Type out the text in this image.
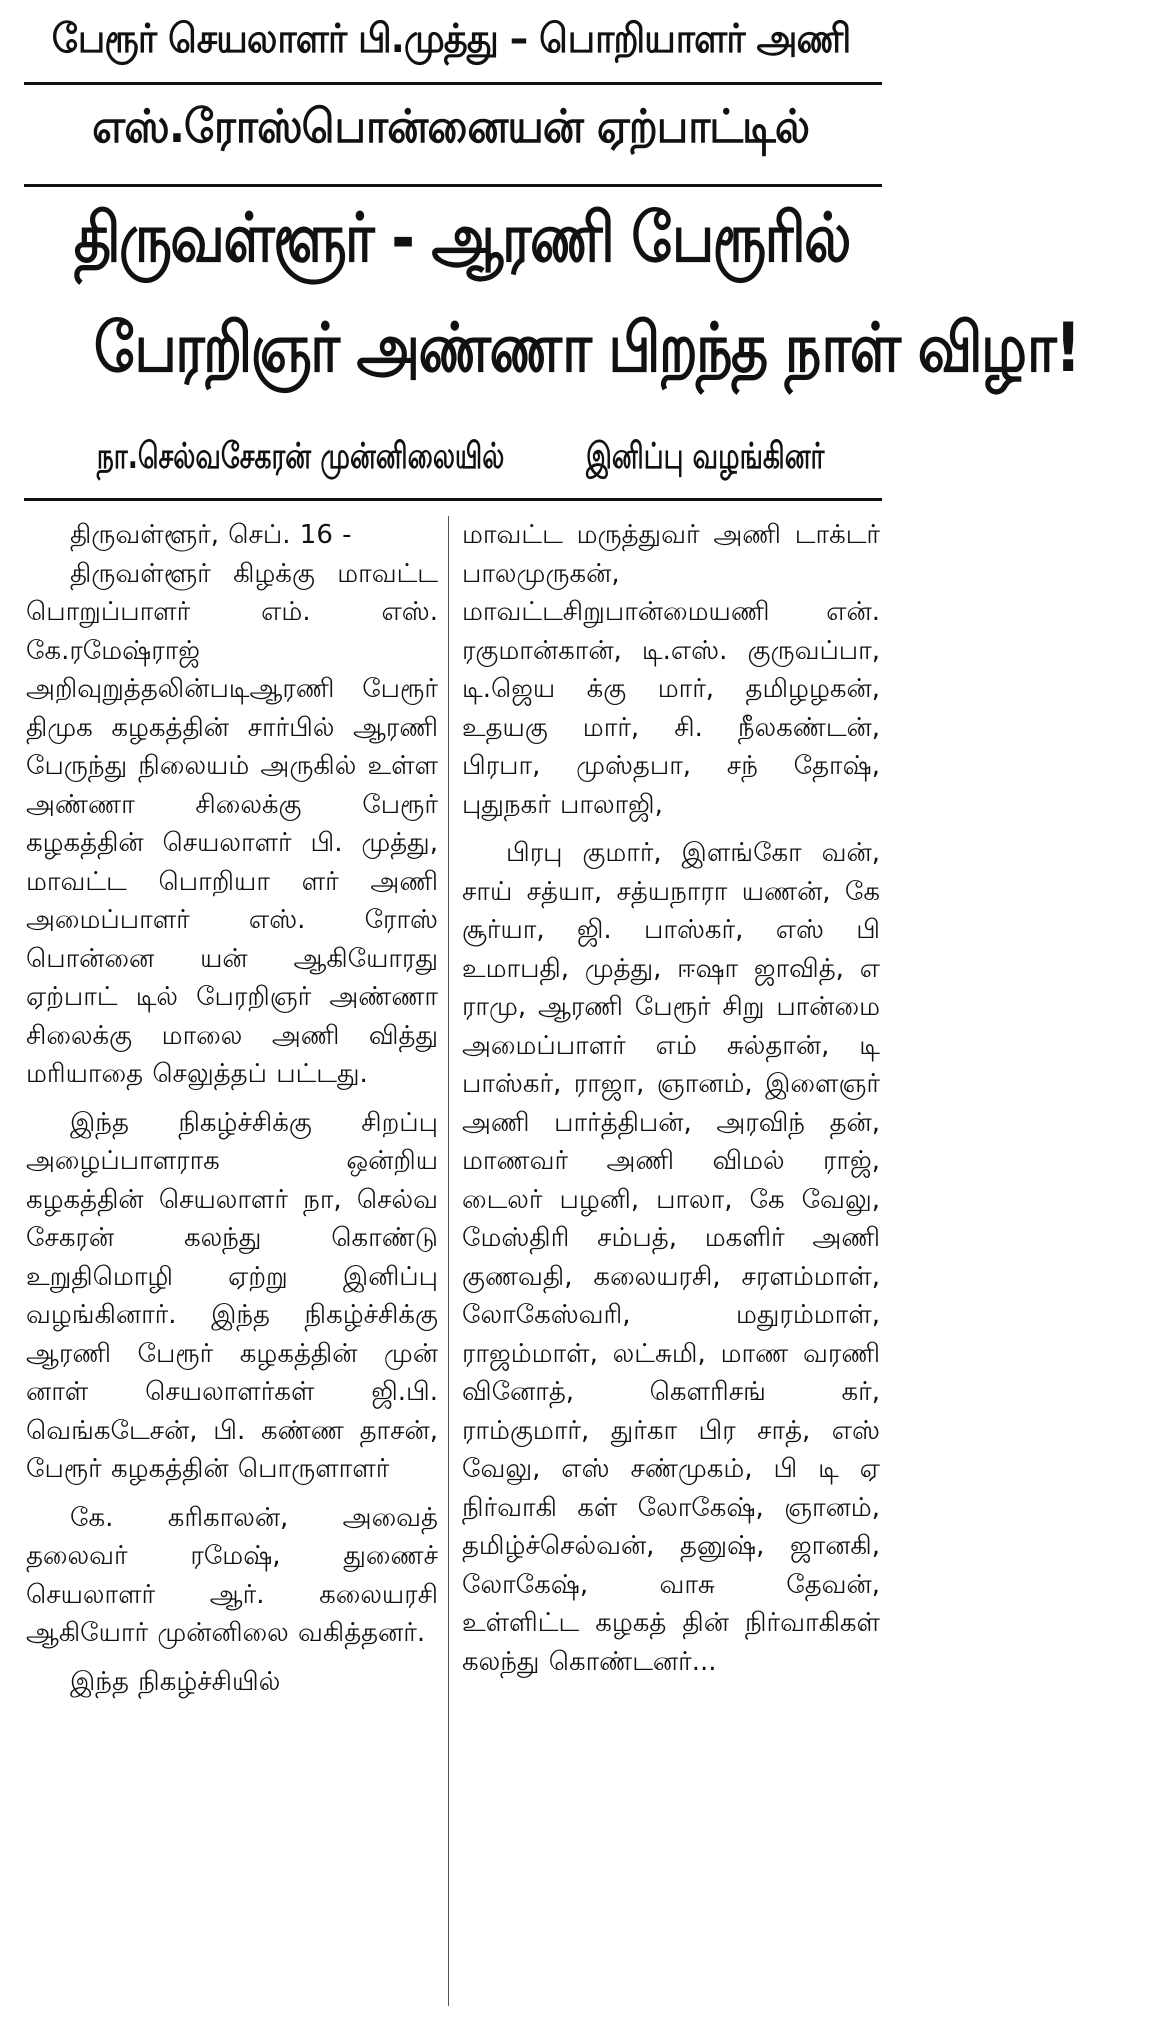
பேரூர் செயலாளர் பி.முத்து – பொறியாளர் அணி
எஸ்.ரோஸ்பொன்னையன் ஏற்பாட்டில்
திருவள்ளூர் - ஆரணி பேரூரில்
பேரறிஞர் அண்ணா பிறந்த நாள் விழா!
நா.செல்வசேகரன் முன்னிலையில் இனிப்பு வழங்கினர்

திருவள்ளூர், செப். 16 -

திருவள்ளூர் கிழக்கு மாவட்ட பொறுப்பாளர் எம். எஸ். கே.ரமேஷ்ராஜ் அறிவுறுத்தலின்படிஆரணி பேரூர் திமுக கழகத்தின் சார்பில் ஆரணி பேருந்து நிலையம் அருகில் உள்ள அண்ணா சிலைக்கு பேரூர் கழகத்தின் செயலாளர் பி. முத்து, மாவட்ட பொறியா ளர் அணி அமைப்பாளர் எஸ். ரோஸ் பொன்னை யன் ஆகியோரது ஏற்பாட் டில் பேரறிஞர் அண்ணா சிலைக்கு மாலை அணி வித்து மரியாதை செலுத்தப் பட்டது.

இந்த நிகழ்ச்சிக்கு சிறப்பு அழைப்பாளராக ஒன்றிய கழகத்தின் செயலாளர் நா, செல்வ சேகரன் கலந்து கொண்டு உறுதிமொழி ஏற்று இனிப்பு வழங்கினார். இந்த நிகழ்ச்சிக்கு ஆரணி பேரூர் கழகத்தின் முன் னாள் செயலாளர்கள் ஜி.பி. வெங்கடேசன், பி. கண்ண தாசன், பேரூர் கழகத்தின் பொருளாளர்

கே. கரிகாலன், அவைத் தலைவர் ரமேஷ், துணைச் செயலாளர் ஆர். கலையரசி ஆகியோர் முன்னிலை வகித்தனர்.

இந்த நிகழ்ச்சியில்

மாவட்ட மருத்துவர் அணி டாக்டர் பாலமுருகன், மாவட்டசிறுபான்மையணி என். ரகுமான்கான், டி.எஸ். குருவப்பா, டி.ஜெய க்கு மார், தமிழழகன், உதயகு மார், சி. நீலகண்டன், பிரபா, முஸ்தபா, சந் தோஷ், புதுநகர் பாலாஜி,

பிரபு குமார், இளங்கோ வன், சாய் சத்யா, சத்யநாரா யணன், கே சூர்யா, ஜி. பாஸ்கர், எஸ் பி உமாபதி, முத்து, ஈஷா ஜாவித், எ ராமு, ஆரணி பேரூர் சிறு பான்மை அமைப்பாளர் எம் சுல்தான், டி பாஸ்கர், ராஜா, ஞானம், இளைஞர் அணி பார்த்திபன், அரவிந் தன், மாணவர் அணி விமல் ராஜ், டைலர் பழனி, பாலா, கே வேலு, மேஸ்திரி சம்பத், மகளிர் அணி குணவதி, கலையரசி, சரளம்மாள், லோகேஸ்வரி, மதுரம்மாள், ராஜம்மாள், லட்சுமி, மாண வரணி வினோத், கௌரிசங் கர், ராம்குமார், துர்கா பிர சாத், எஸ் வேலு, எஸ் சண்முகம், பி டி ஏ நிர்வாகி கள் லோகேஷ், ஞானம், தமிழ்ச்செல்வன், தனுஷ், ஜானகி, லோகேஷ், வாசு தேவன், உள்ளிட்ட கழகத் தின் நிர்வாகிகள் கலந்து கொண்டனர்...
